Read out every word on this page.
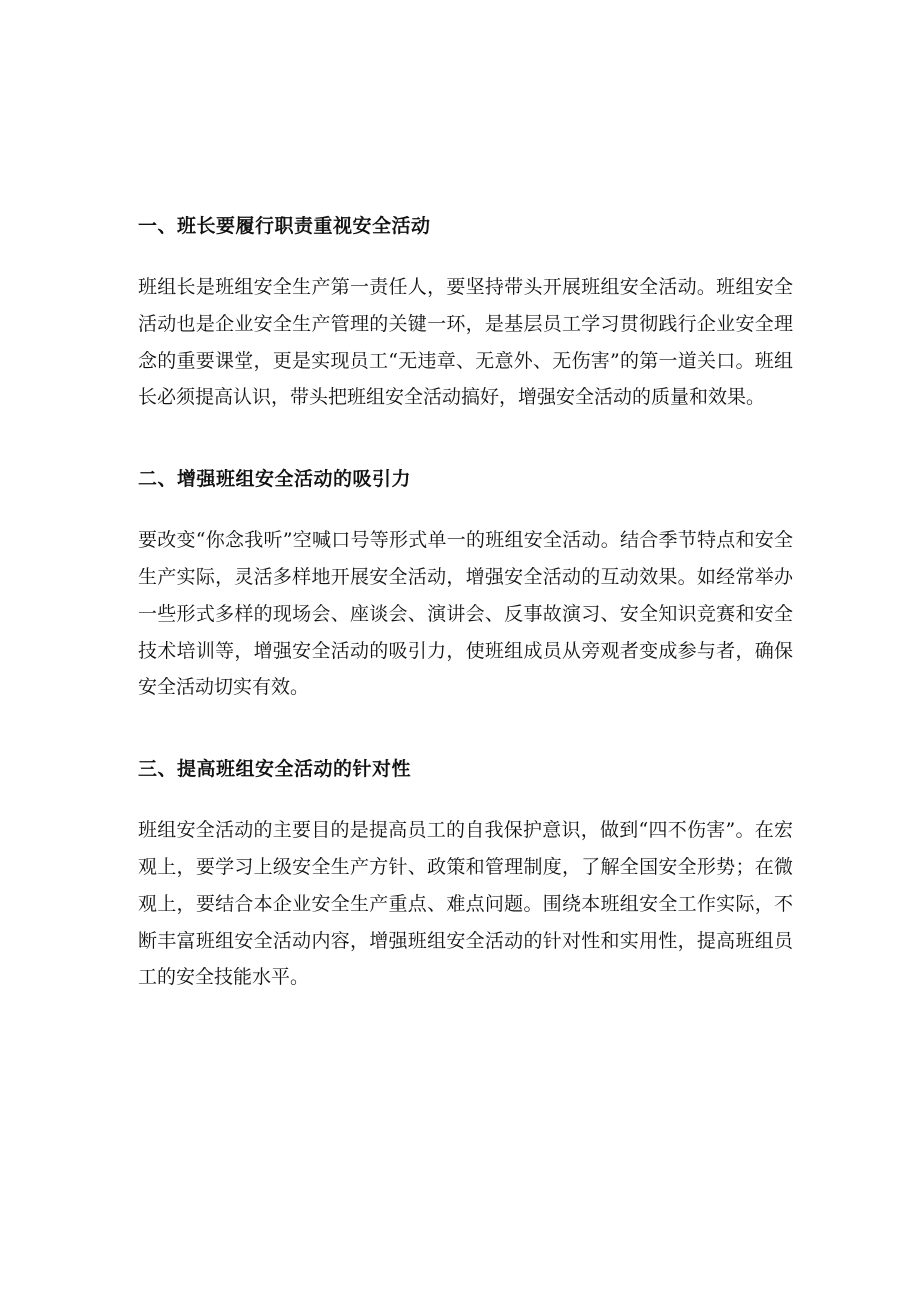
一、班长要履行职责重视安全活动

班组长是班组安全生产第一责任人，要坚持带头开展班组安全活动。班组安全活动也是企业安全生产管理的关键一环，是基层员工学习贯彻践行企业安全理念的重要课堂，更是实现员工“无违章、无意外、无伤害”的第一道关口。班组长必须提高认识，带头把班组安全活动搞好，增强安全活动的质量和效果。

二、增强班组安全活动的吸引力

要改变“你念我听”空喊口号等形式单一的班组安全活动。结合季节特点和安全生产实际，灵活多样地开展安全活动，增强安全活动的互动效果。如经常举办一些形式多样的现场会、座谈会、演讲会、反事故演习、安全知识竞赛和安全技术培训等，增强安全活动的吸引力，使班组成员从旁观者变成参与者，确保安全活动切实有效。

三、提高班组安全活动的针对性

班组安全活动的主要目的是提高员工的自我保护意识，做到“四不伤害”。在宏观上，要学习上级安全生产方针、政策和管理制度，了解全国安全形势；在微观上，要结合本企业安全生产重点、难点问题。围绕本班组安全工作实际，不断丰富班组安全活动内容，增强班组安全活动的针对性和实用性，提高班组员工的安全技能水平。
